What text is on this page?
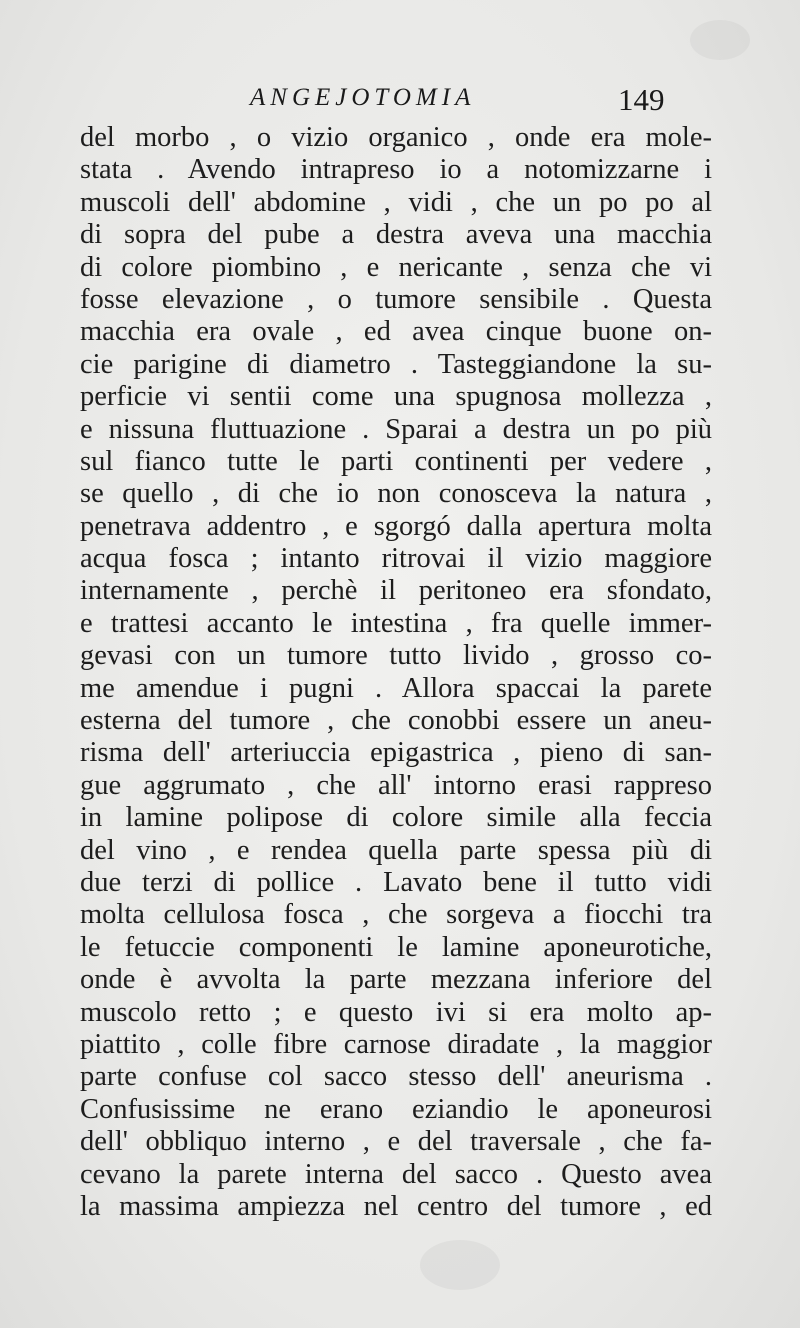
ANGEJOTOMIA	149
del morbo , o vizio organico , onde era mole-
stata . Avendo intrapreso io a notomizzarne i
muscoli dell' abdomine , vidi , che un po po al
di sopra del pube a destra aveva una macchia
di colore piombino , e nericante , senza che vi
fosse elevazione , o tumore sensibile . Questa
macchia era ovale , ed avea cinque buone on-
cie parigine di diametro . Tasteggiandone la su-
perficie vi sentii come una spugnosa mollezza ,
e nissuna fluttuazione . Sparai a destra un po più
sul fianco tutte le parti continenti per vedere ,
se quello , di che io non conosceva la natura ,
penetrava addentro , e sgorgó dalla apertura molta
acqua fosca ; intanto ritrovai il vizio maggiore
internamente , perchè il peritoneo era sfondato,
e trattesi accanto le intestina , fra quelle immer-
gevasi con un tumore tutto livido , grosso co-
me amendue i pugni . Allora spaccai la parete
esterna del tumore , che conobbi essere un aneu-
risma dell' arteriuccia epigastrica , pieno di san-
gue aggrumato , che all' intorno erasi rappreso
in lamine polipose di colore simile alla feccia
del vino , e rendea quella parte spessa più di
due terzi di pollice . Lavato bene il tutto vidi
molta cellulosa fosca , che sorgeva a fiocchi tra
le fetuccie componenti le lamine aponeurotiche,
onde è avvolta la parte mezzana inferiore del
muscolo retto ; e questo ivi si era molto ap-
piattito , colle fibre carnose diradate , la maggior
parte confuse col sacco stesso dell' aneurisma .
Confusissime ne erano eziandio le aponeurosi
dell' obbliquo interno , e del traversale , che fa-
cevano la parete interna del sacco . Questo avea
la massima ampiezza nel centro del tumore , ed
